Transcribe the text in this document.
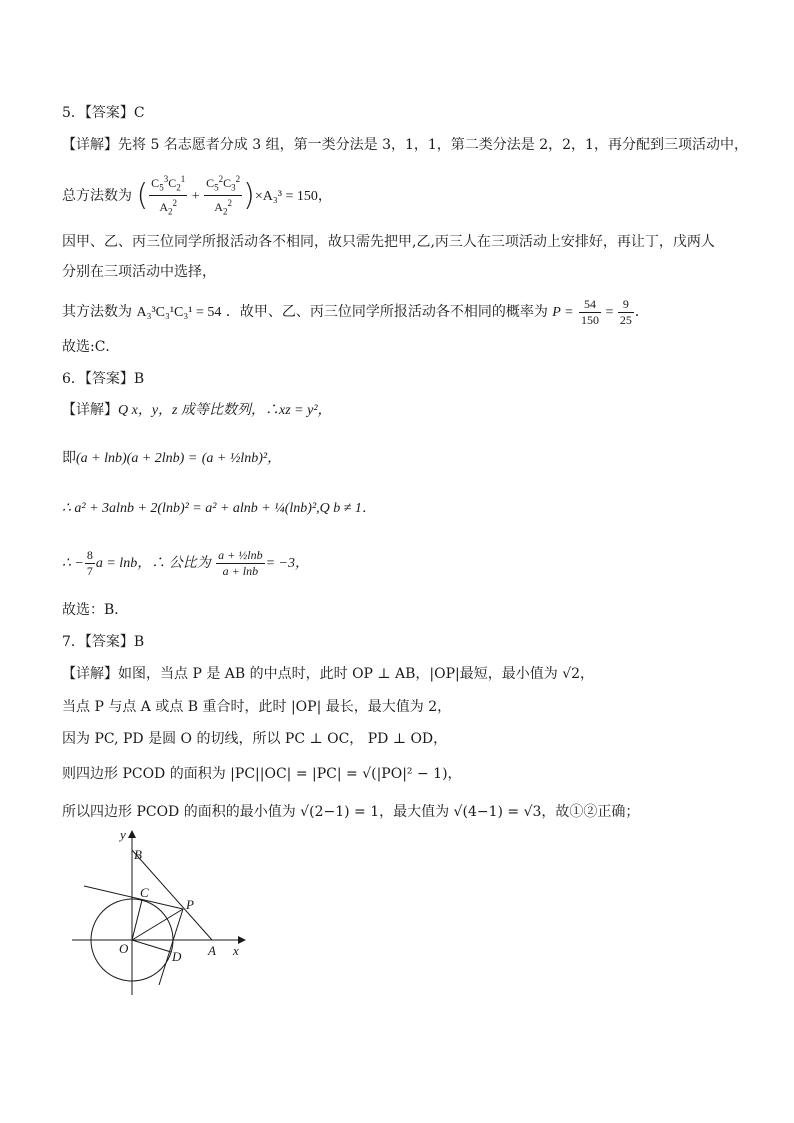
5．【答案】C
【详解】先将 5 名志愿者分成 3 组，第一类分法是 3，1，1，第二类分法是 2，2，1，再分配到三项活动中，
总方法数为 ( $\frac{C_5^3C_2^1}{A_2^2} + \frac{C_5^2C_3^2}{A_2^2} )\times A_3^3 = 150$，
因甲、乙、丙三位同学所报活动各不相同，故只需先把甲,乙,丙三人在三项活动上安排好，再让丁，戊两人
分别在三项活动中选择，
其方法数为 A₃³C₃¹C₃¹ = 54 ．故甲、乙、丙三位同学所报活动各不相同的概率为 $P = \frac{54}{150} = \frac{9}{25}$ ．
故选:C．
6．【答案】B
【详解】Q x，y，z 成等比数列，∴xz = y²，
即(a + lnb)(a + 2lnb) = (a + ½lnb)²，
∴ a² + 3alnb + 2(lnb)² = a² + alnb + ¼(lnb)²,Q b ≠ 1．
∴ − $\frac{8}{7}$ a = lnb，∴ 公比为 $\frac{\text{a + ½lnb}}{a + \ln b} = -3$，
故选：B．
7．【答案】B
【详解】如图，当点 P 是 AB 的中点时，此时 OP ⊥ AB，|OP|最短，最小值为 √2，
当点 P 与点 A 或点 B 重合时，此时 |OP| 最长，最大值为 2，
因为 PC, PD 是圆 O 的切线，所以 PC ⊥ OC， PD ⊥ OD，
则四边形 PCOD 的面积为 |PC||OC| = |PC| = √(|PO|² − 1)，
所以四边形 PCOD 的面积的最小值为 √(2−1) = 1，最大值为 √(4−1) = √3，故①②正确；
y
B
C
P
O
D A x
